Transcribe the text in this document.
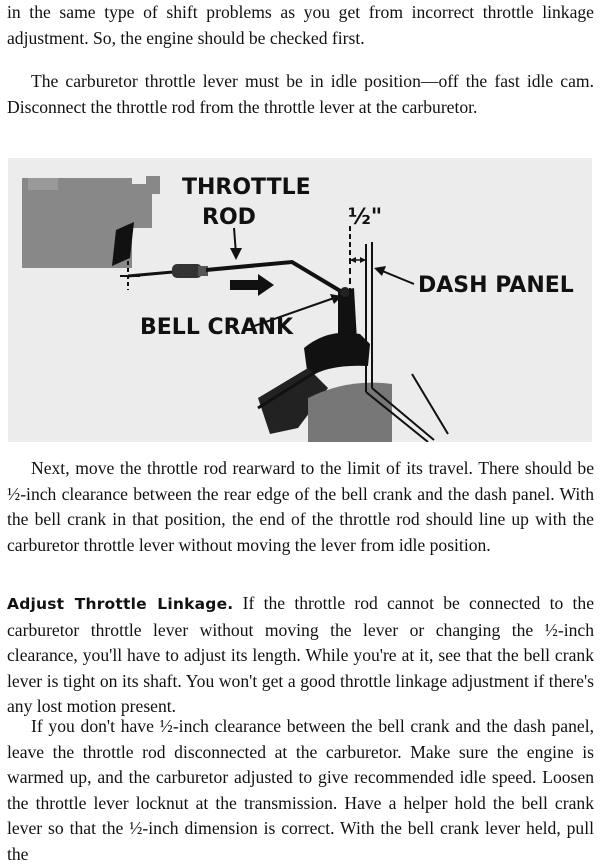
in the same type of shift problems as you get from incorrect throttle linkage adjustment. So, the engine should be checked first.

The carburetor throttle lever must be in idle position—off the fast idle cam. Disconnect the throttle rod from the throttle lever at the carburetor.

THROTTLE
ROD	½"
DASH PANEL
BELL CRANK

Next, move the throttle rod rearward to the limit of its travel. There should be ½-inch clearance between the rear edge of the bell crank and the dash panel. With the bell crank in that position, the end of the throttle rod should line up with the carburetor throttle lever without moving the lever from idle position.

Adjust Throttle Linkage. If the throttle rod cannot be connected to the carburetor throttle lever without moving the lever or changing the ½-inch clearance, you'll have to adjust its length. While you're at it, see that the bell crank lever is tight on its shaft. You won't get a good throttle linkage adjustment if there's any lost motion present.

If you don't have ½-inch clearance between the bell crank and the dash panel, leave the throttle rod disconnected at the carburetor. Make sure the engine is warmed up, and the carburetor adjusted to give recommended idle speed. Loosen the throttle lever locknut at the transmission. Have a helper hold the bell crank lever so that the ½-inch dimension is correct. With the bell crank lever held, pull the
